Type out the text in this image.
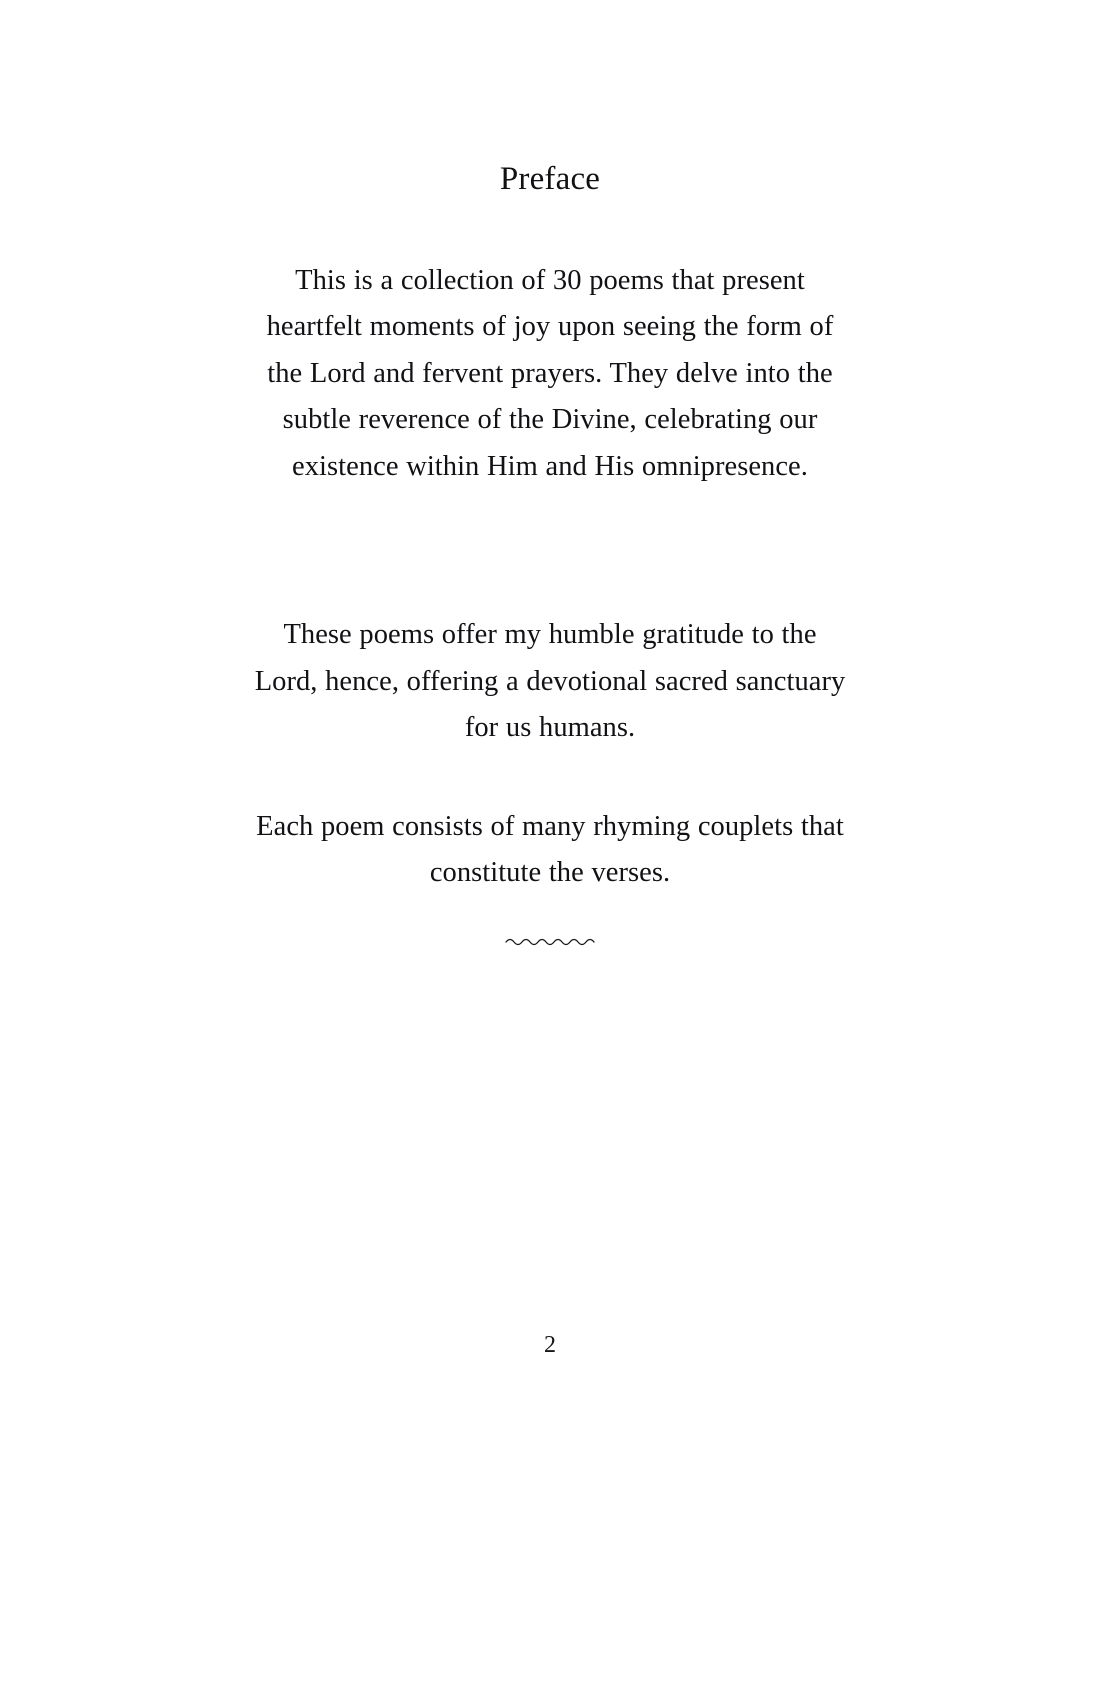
Preface

This is a collection of 30 poems that present
heartfelt moments of joy upon seeing the form of
the Lord and fervent prayers. They delve into the
subtle reverence of the Divine, celebrating our
existence within Him and His omnipresence.

These poems offer my humble gratitude to the
Lord, hence, offering a devotional sacred sanctuary
for us humans.

Each poem consists of many rhyming couplets that
constitute the verses.

2
